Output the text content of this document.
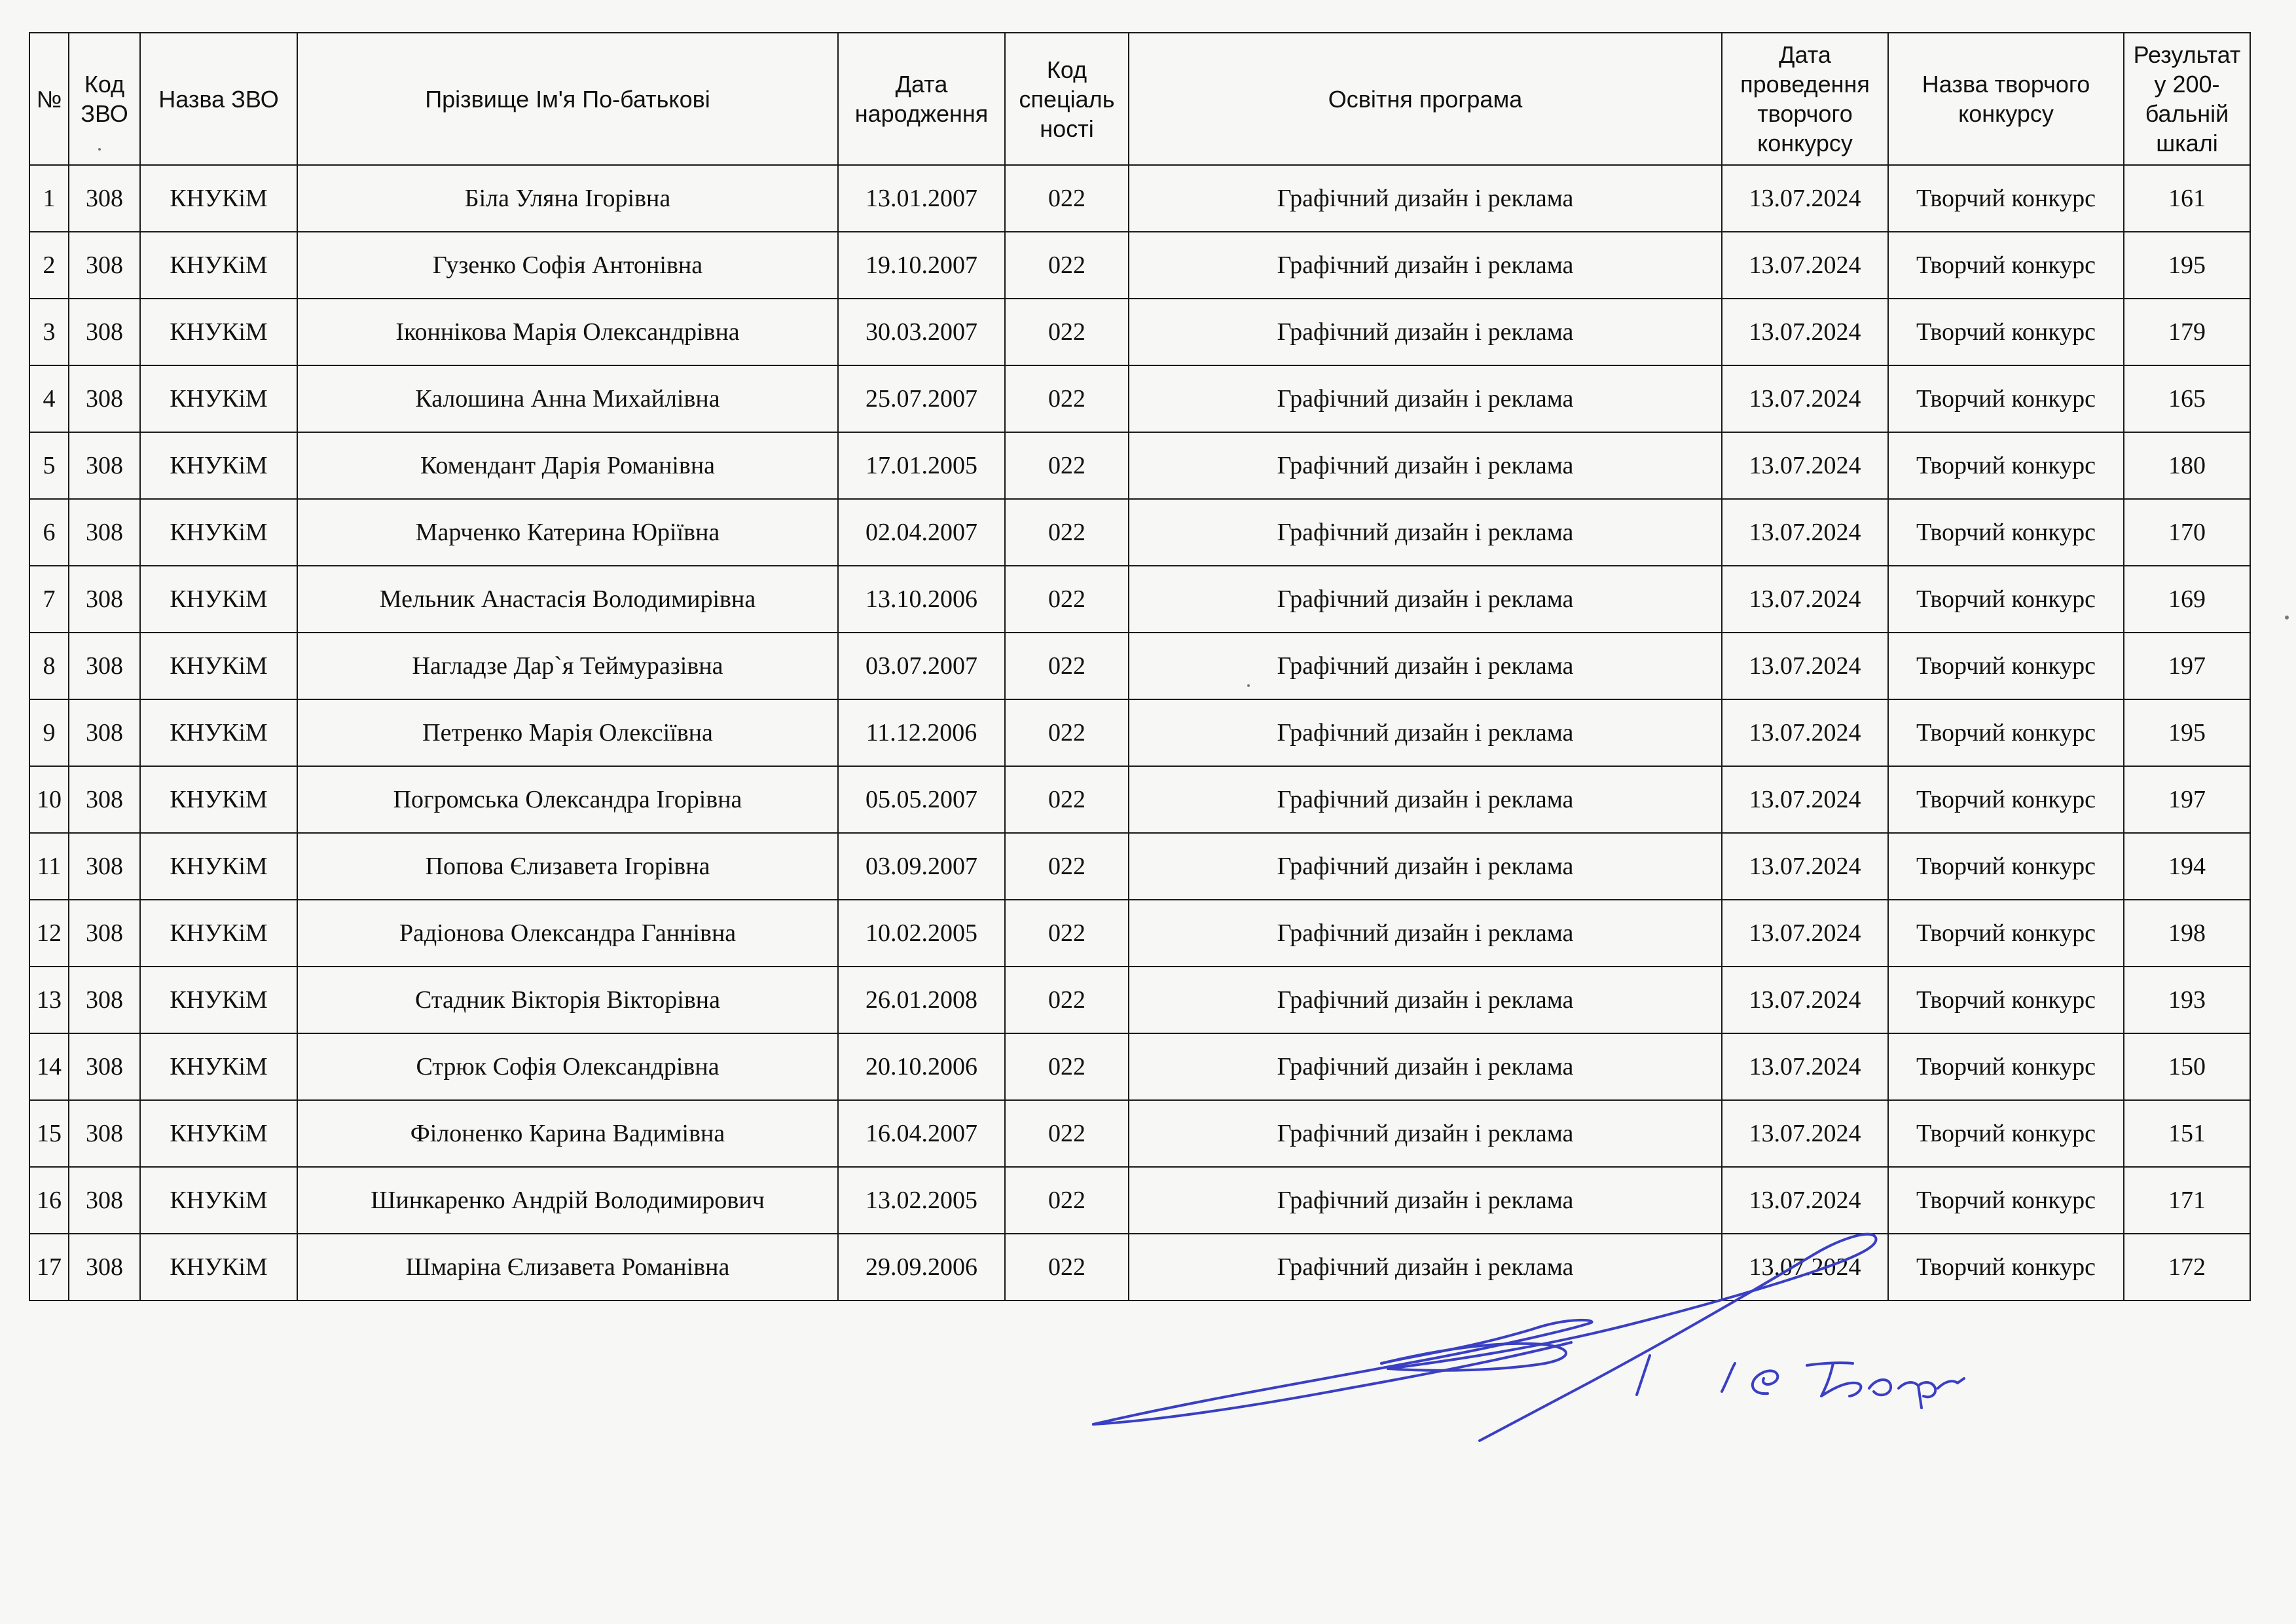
№	Код ЗВО	Назва ЗВО	Прізвище Ім'я По-батькові	Дата народження	Код спеціаль ності	Освітня програма	Дата проведення творчого конкурсу	Назва творчого конкурсу	Результат у 200-бальній шкалі
1	308	КНУКіМ	Біла Уляна Ігорівна	13.01.2007	022	Графічний дизайн і реклама	13.07.2024	Творчий конкурс	161
2	308	КНУКіМ	Гузенко Софія Антонівна	19.10.2007	022	Графічний дизайн і реклама	13.07.2024	Творчий конкурс	195
3	308	КНУКіМ	Іконнікова Марія Олександрівна	30.03.2007	022	Графічний дизайн і реклама	13.07.2024	Творчий конкурс	179
4	308	КНУКіМ	Калошина Анна Михайлівна	25.07.2007	022	Графічний дизайн і реклама	13.07.2024	Творчий конкурс	165
5	308	КНУКіМ	Комендант Дарія Романівна	17.01.2005	022	Графічний дизайн і реклама	13.07.2024	Творчий конкурс	180
6	308	КНУКіМ	Марченко Катерина Юріївна	02.04.2007	022	Графічний дизайн і реклама	13.07.2024	Творчий конкурс	170
7	308	КНУКіМ	Мельник Анастасія Володимирівна	13.10.2006	022	Графічний дизайн і реклама	13.07.2024	Творчий конкурс	169
8	308	КНУКіМ	Нагладзе Дар`я Теймуразівна	03.07.2007	022	Графічний дизайн і реклама	13.07.2024	Творчий конкурс	197
9	308	КНУКіМ	Петренко Марія Олексіївна	11.12.2006	022	Графічний дизайн і реклама	13.07.2024	Творчий конкурс	195
10	308	КНУКіМ	Погромська Олександра Ігорівна	05.05.2007	022	Графічний дизайн і реклама	13.07.2024	Творчий конкурс	197
11	308	КНУКіМ	Попова Єлизавета Ігорівна	03.09.2007	022	Графічний дизайн і реклама	13.07.2024	Творчий конкурс	194
12	308	КНУКіМ	Радіонова Олександра Ганнівна	10.02.2005	022	Графічний дизайн і реклама	13.07.2024	Творчий конкурс	198
13	308	КНУКіМ	Стадник Вікторія Вікторівна	26.01.2008	022	Графічний дизайн і реклама	13.07.2024	Творчий конкурс	193
14	308	КНУКіМ	Стрюк Софія Олександрівна	20.10.2006	022	Графічний дизайн і реклама	13.07.2024	Творчий конкурс	150
15	308	КНУКіМ	Філоненко Карина Вадимівна	16.04.2007	022	Графічний дизайн і реклама	13.07.2024	Творчий конкурс	151
16	308	КНУКіМ	Шинкаренко Андрій Володимирович	13.02.2005	022	Графічний дизайн і реклама	13.07.2024	Творчий конкурс	171
17	308	КНУКіМ	Шмаріна Єлизавета Романівна	29.09.2006	022	Графічний дизайн і реклама	13.07.2024	Творчий конкурс	172
